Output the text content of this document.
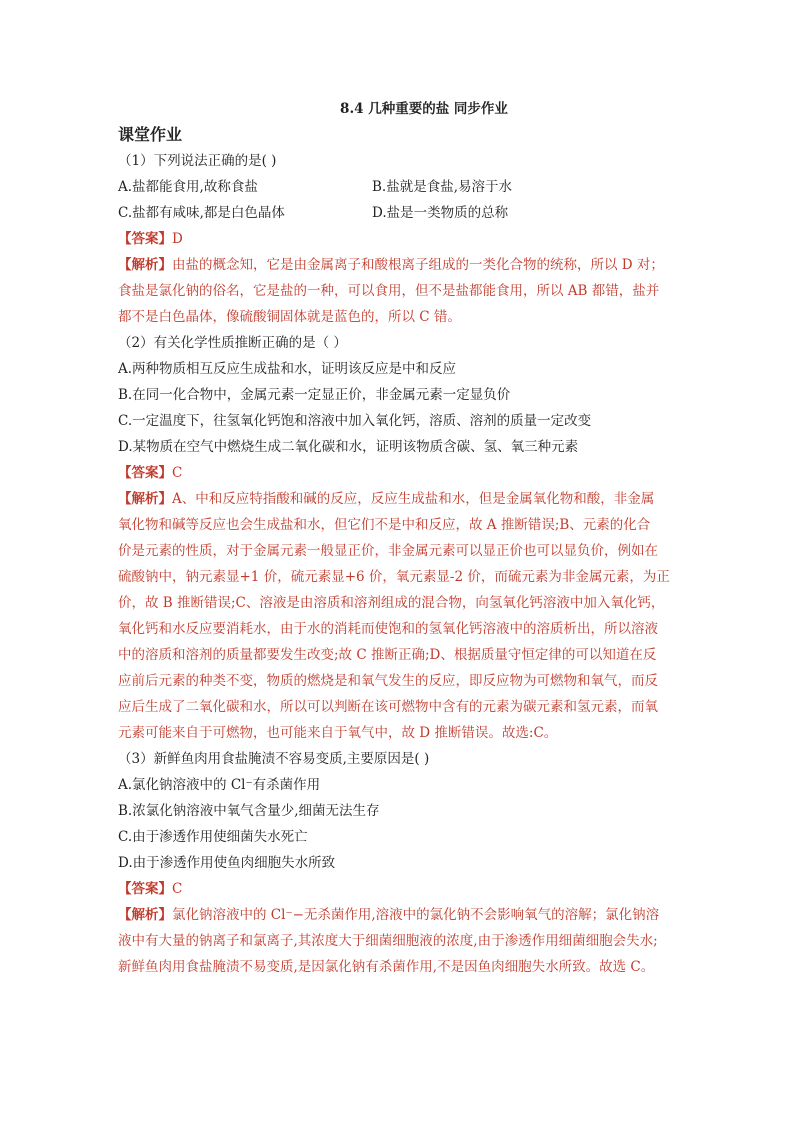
8.4 几种重要的盐 同步作业
课堂作业
（1）下列说法正确的是( )
A.盐都能食用,故称食盐	B.盐就是食盐,易溶于水
C.盐都有咸味,都是白色晶体	D.盐是一类物质的总称
【答案】D
【解析】由盐的概念知，它是由金属离子和酸根离子组成的一类化合物的统称，所以 D 对；
食盐是氯化钠的俗名，它是盐的一种，可以食用，但不是盐都能食用，所以 AB 都错，盐并
都不是白色晶体，像硫酸铜固体就是蓝色的，所以 C 错。
（2）有关化学性质推断正确的是（ ）
A.两种物质相互反应生成盐和水，证明该反应是中和反应
B.在同一化合物中，金属元素一定显正价，非金属元素一定显负价
C.一定温度下，往氢氧化钙饱和溶液中加入氧化钙，溶质、溶剂的质量一定改变
D.某物质在空气中燃烧生成二氧化碳和水，证明该物质含碳、氢、氧三种元素
【答案】C
【解析】A、中和反应特指酸和碱的反应，反应生成盐和水，但是金属氧化物和酸，非金属
氧化物和碱等反应也会生成盐和水，但它们不是中和反应，故 A 推断错误;B、元素的化合
价是元素的性质，对于金属元素一般显正价，非金属元素可以显正价也可以显负价，例如在
硫酸钠中，钠元素显+1 价，硫元素显+6 价，氧元素显-2 价，而硫元素为非金属元素，为正
价，故 B 推断错误;C、溶液是由溶质和溶剂组成的混合物，向氢氧化钙溶液中加入氧化钙，
氧化钙和水反应要消耗水，由于水的消耗而使饱和的氢氧化钙溶液中的溶质析出，所以溶液
中的溶质和溶剂的质量都要发生改变;故 C 推断正确;D、根据质量守恒定律的可以知道在反
应前后元素的种类不变，物质的燃烧是和氧气发生的反应，即反应物为可燃物和氧气，而反
应后生成了二氧化碳和水，所以可以判断在该可燃物中含有的元素为碳元素和氢元素，而氧
元素可能来自于可燃物，也可能来自于氧气中，故 D 推断错误。故选:C。
（3）新鲜鱼肉用食盐腌渍不容易变质,主要原因是( )
A.氯化钠溶液中的 Cl⁻有杀菌作用
B.浓氯化钠溶液中氧气含量少,细菌无法生存
C.由于渗透作用使细菌失水死亡
D.由于渗透作用使鱼肉细胞失水所致
【答案】C
【解析】氯化钠溶液中的 Cl⁻−无杀菌作用,溶液中的氯化钠不会影响氧气的溶解；氯化钠溶
液中有大量的钠离子和氯离子,其浓度大于细菌细胞液的浓度,由于渗透作用细菌细胞会失水;
新鲜鱼肉用食盐腌渍不易变质,是因氯化钠有杀菌作用,不是因鱼肉细胞失水所致。故选 C。
